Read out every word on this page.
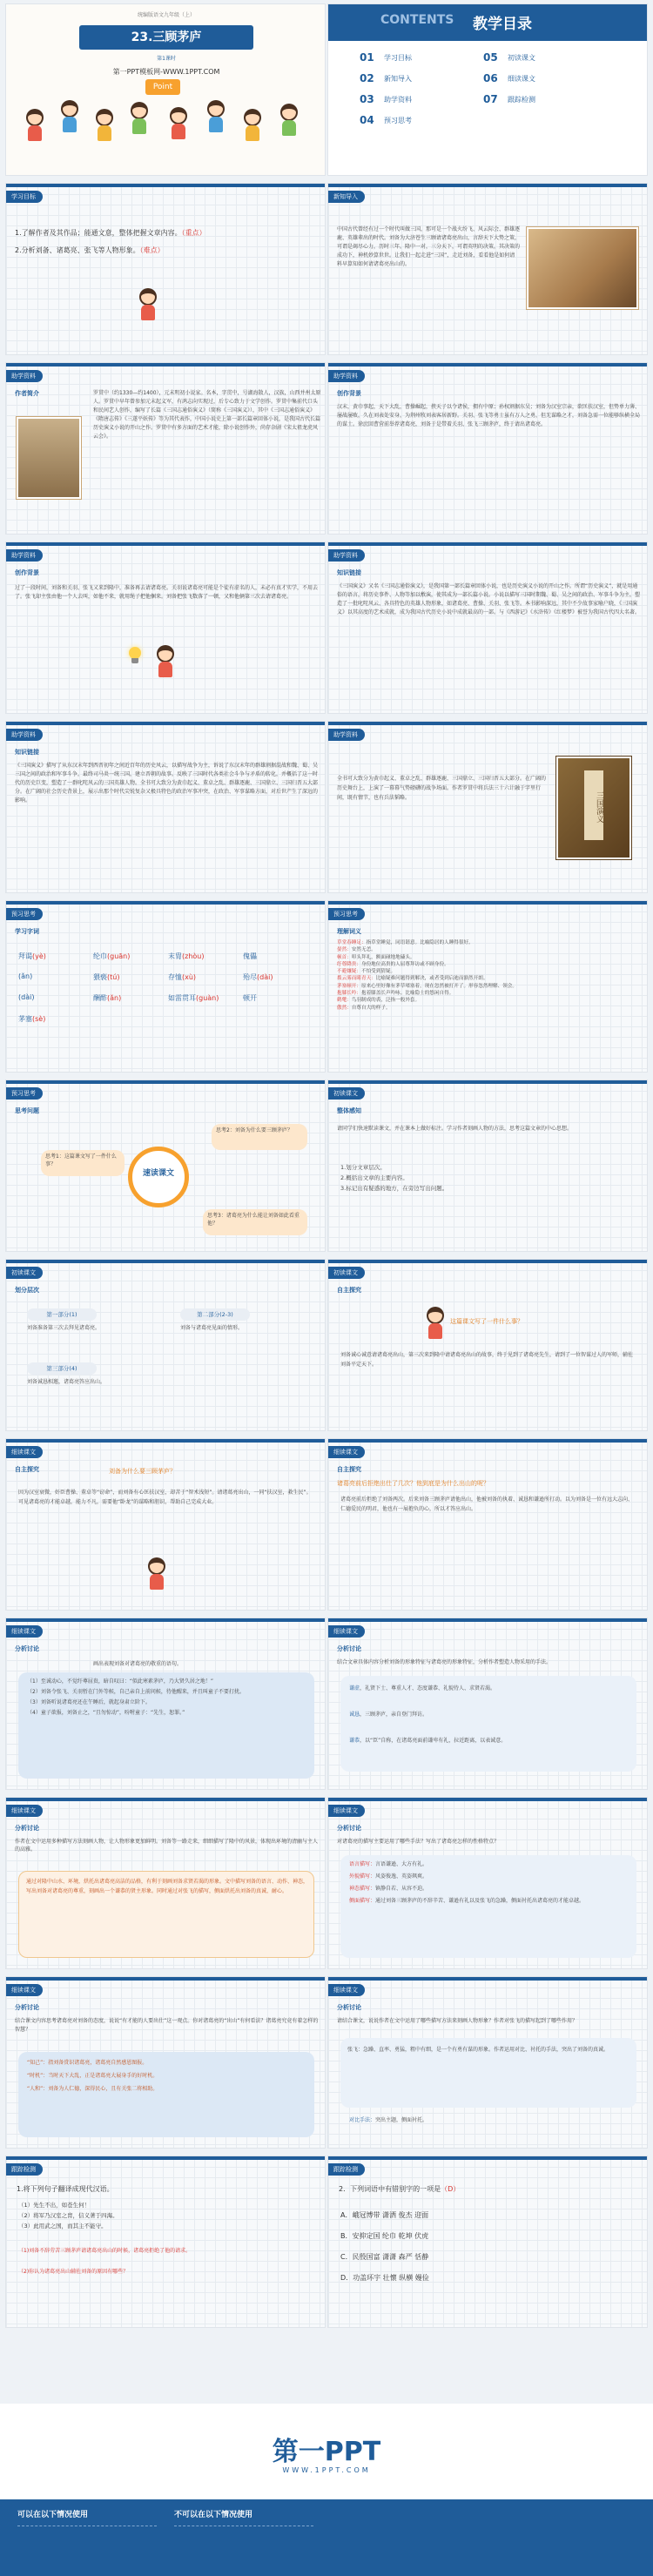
统编版语文九年级（上）
23.三顾茅庐
第1课时
第一PPT模板网-WWW.1PPT.COM
Point
CONTENTS 教学目录
01 学习目标
02 新知导入
03 助学资料
04 预习思考
05 初读课文
06 细读课文
07 跟踪检测
学习目标
1.了解作者及其作品；能通文意，整体把握文章内容。（重点）
2.分析刘备、诸葛亮、张飞等人物形象。（难点）
新知导入
中国古代曾经有过一个时代叫做三国，那可是一个战火纷飞、风云际会、群雄逐鹿、英雄辈出的时代。刘备为大济苍生三顾请诸葛亮出山，言辞天下大势之策，可谓是竭尽心力，历时三年。隆中一对，三分天下，可谓英明的决策，其决策的成功下，神机妙算世世。让我们一起走进“三国”，走近刘备，看看他是如何请料早算知如何请诸葛亮出山的。
助学资料
作者简介	罗贯中（约1330—约1400），元末明初小说家。名本，字贯中，号湖海散人，汉族，山西并州太原人。罗贯中早年曾参加元末起义军，有鸿志向实现过，后专心致力于文学创作。罗贯中集前代口头和民间艺人创作，编写了长篇《三国志通俗演义》（简称《三国演义》），其中《三国志通俗演义》《隋唐志传》《三遂平妖传》等为其代表作，中国小说史上第一部长篇章回体小说，是我国古代长篇历史演义小说的开山之作。罗贯中有多方面的艺术才能，除小说创作外，尚存杂剧《宋太祖龙虎风云会》。
助学资料
创作背景
汉末，黄巾事起，天下大乱，曹操崛起，挟天子以令诸侯，拥有中原；孙权割据东吴；刘备为汉室宗亲，欲匡扶汉室，但势单力薄、屡战屡败，久在刘表处安身，为荆州牧刘表客居新野。关羽、张飞等勇士虽有万人之勇，但无谋略之才，刘备急需一位能够纵横全局的谋士。徐庶回曹营前举荐诸葛亮，刘备于是带着关羽、张飞三顾茅庐，终于请出诸葛亮。
助学资料
创作背景
过了一段时间，刘备和关羽、张飞又来到隆中，准备再去请诸葛亮。关羽说诸葛亮可能是个徒有虚名的人，未必有真才实学，不用去了。张飞却主张由他一个人去叫，如他不来，就用绳子把他捆来。刘备把张飞数落了一顿，又和他俩第三次去请诸葛亮。
助学资料
知识链接
《三国演义》又名《三国志通俗演义》，是我国第一部长篇章回体小说，也是历史演义小说的开山之作。所谓“历史演义”，就是用通俗的语言，将历史事件、人物等加以敷演，使其成为一部长篇小说。小说以描写三国时期魏、蜀、吴之间的政治、军事斗争为主，塑造了一批叱咤风云、各具特色的英雄人物形象，如诸葛亮、曹操、关羽、张飞等。本书影响深远，其中不少故事家喻户晓，《三国演义》以其高度的艺术成就，成为我国古代历史小说中成就最高的一部。与《西游记》《水浒传》《红楼梦》被誉为我国古代四大名著。
助学资料
知识链接
《三国演义》描写了从东汉末年到西晋初年之间近百年的历史风云，以描写战争为主，诉说了东汉末年的群雄割据混战和魏、蜀、吴三国之间的政治和军事斗争，最终司马炎一统三国，建立晋朝的故事。反映了三国时代各类社会斗争与矛盾的转化，并概括了这一时代的历史巨变，塑造了一群叱咤风云的三国英雄人物。全书可大致分为黄巾起义、董卓之乱、群雄逐鹿、三国鼎立、三国归晋五大部分。在广阔的社会历史背景上，展示出那个时代尖锐复杂又极具特色的政治军事冲突，在政治、军事谋略方面，对后世产生了深远的影响。
助学资料
全书可大致分为黄巾起义、董卓之乱、群雄逐鹿、三国鼎立、三国归晋五大部分。在广阔的历史舞台上，上演了一幕幕气势磅礴的战争场面。作者罗贯中将兵法三十六计融于字里行间，既有情节，也有兵法韬略。	三国演义
预习思考
学习字词
拜谒(yè)	纶巾(guān)	末胄(zhòu)	傀儡
(ǎn)	猥亵(tú)	存恤(xù)	殆尽(dài)
(dài)	酬酢(ǎn)	如雷贯耳(guàn)	顿开
茅塞(sè)
预习思考
理解词义
草堂春睡足：指草堂睡觉，同语谐意。比喻隐居的人睡得很好。
晏然：安然无恙。
顿首：叩头拜礼，额面碰地地磕头。
纡尊降贵：身份地位高贵的人屈尊拜访或不顾身份。
不避嫌疑：不怕受到猜疑。
拨云雾而睹青天：比喻疑难问题得到解决，或者受到启迪而豁然开朗。
茅塞顿开：原来心里好像有茅草堵塞着，现在忽然被打开了。形容忽然理解、领会。
抱膝长吟：抱着膝盖长声吟咏。比喻隐士的悠闲自得。
鹤氅：鸟羽制成的裘，泛指一般外套。
傲然：自尊自大的样子。
预习思考
思考问题
速读课文
思考1：这篇课文写了一件什么事？
思考2：刘备为什么要三顾茅庐？
思考3：诸葛亮为什么能让刘备如此看重他？
初读课文
整体感知
请同学们快速默读课文，并在课本上做好标注。学习作者刻画人物的方法，思考这篇文章的中心思想。
1.划分文章层次。
2.概括出文章的主要内容。
3.标记出有疑惑的地方，在旁边写出问题。
初读课文
划分层次
第一部分(1)
刘备准备第三次去拜见诸葛亮。
第二部分(2-3)
刘备与诸葛亮见面的情形。
第三部分(4)
刘备诚恳相邀，诸葛亮答应出山。
初读课文
自主探究
这篇课文写了一件什么事？
刘备诚心诚意请诸葛亮出山，第三次来到隆中请诸葛亮出山的故事，终于见到了诸葛亮先生，请到了一位智谋过人的军师，辅佐刘备平定天下。
细读课文
自主探究	刘备为什么要三顾茅庐？
因为汉室衰微，奸臣曹操、董卓等“窃命”，而刘备有心匡扶汉室，却苦于“智术浅短”。请诸葛亮出山，一同“扶汉室，救生民”。可见诸葛亮的才能卓越，能力不凡，需要他“卧龙”的谋略和胆识，帮助自己完成大业。
细读课文
自主探究
诸葛亮前后拒绝出仕了几次？他到底是为什么出山的呢？
诸葛亮前后拒绝了刘备两次。后来刘备三顾茅庐请他出山，他被刘备的执着、诚恳和谦逊所打动。以为刘备是一位有远大志向、仁德爱民的明君，他也有一展抱负的心，所以才答应出山。
细读课文
分析讨论
画出表现刘备对诸葛亮的敬重的语句。
（1）至诚动心，不觉纡尊屈贵，暗自叹曰：“似此寒素茅庐，乃大贤久居之地！”
（2）刘备令张飞、关羽暂在门外等候，自己亲自上前问候，待他醒来，并且叫童子不要打扰。
（3）刘备听说诸葛亮还在午睡后，就起身肃立阶下。
（4）童子欲报，刘备止之，“且勿惊动”，吩咐童子：“先生，恕罪。”
细读课文
分析讨论
结合文章具体内容分析刘备的形象特征与诸葛亮的形象特征，分析作者塑造人物采用的手法。
谦虚，礼贤下士、尊重人才、态度谦恭、礼貌待人、求贤若渴。
诚恳，三顾茅庐，亲自登门拜访。
谦恭，以“臣”自称，在诸葛亮面前谦卑有礼，拉近距离，以表诚意。
细读课文
分析讨论
作者在文中运用多种描写方法刻画人物，让人物形象更加鲜明。刘备等一路走来，细细描写了隆中的风景，体现出环境的清幽与主人的高雅。
通过对隆中山水、环境，烘托出诸葛亮高洁的品格，有利于刻画刘备求贤若渴的形象。文中描写刘备的语言、动作、神态，写出刘备对诸葛亮的尊重，刻画出一个谦恭的贤主形象。同时通过对张飞的描写，侧面烘托出刘备的真诚、耐心。
细读课文
分析讨论
对诸葛亮的描写主要运用了哪些手法？写出了诸葛亮怎样的性格特点？
语言描写：言语谦逊、大方有礼。
外貌描写：风姿俊逸、英姿飒爽。
神态描写：镇静自若、从容不迫。
侧面描写：通过刘备三顾茅庐的不辞辛苦、谦逊有礼以及张飞的急躁，侧面衬托出诸葛亮的才能卓越。
细读课文
分析讨论
结合课文内容思考诸葛亮对刘备的态度，说说“有才能的人要出仕”这一观点。你对诸葛亮的“出山”有何看法？诸葛亮究竟有着怎样的智慧？
“知己”：指刘备赏识诸葛亮，诸葛亮自然感恩图报。
“时机”：当时天下大乱，正是诸葛亮大展身手的好时机。
“人和”：刘备为人仁德，深得民心，且有关张二将相助。
细读课文
分析讨论
请结合课文，说说作者在文中运用了哪些描写方法来刻画人物形象？作者对张飞的描写起到了哪些作用？
张飞：急躁、直率、勇猛，粗中有细，是一个有勇有谋的形象。作者运用对比、衬托的手法，突出了刘备的真诚。
对比手法：突出主题，侧面衬托。
跟踪检测
1.将下列句子翻译成现代汉语。
（1）先生不出，如苍生何！
（2）将军乃汉室之胄，信义著于四海。
（3）此用武之国，而其主不能守。
（1)刘备不辞劳苦三顾茅庐请诸葛亮出山的时候，诸葛亮拒绝了他的请求。
（2)你认为诸葛亮出山辅佐刘备的原因有哪些？
跟踪检测
2．下列词语中有错别字的一项是（D）
A．峨冠博带 潇洒 俊杰 迎面
B．安抑定国 纶巾 乾坤 伏虎
C．民殷国富 潇潇 森严 恬静
D．功盖环宇 壮懷 纵横 嫚俭
第一PPT
WWW.1PPT.COM
可以在以下情况使用	不可以在以下情况使用
